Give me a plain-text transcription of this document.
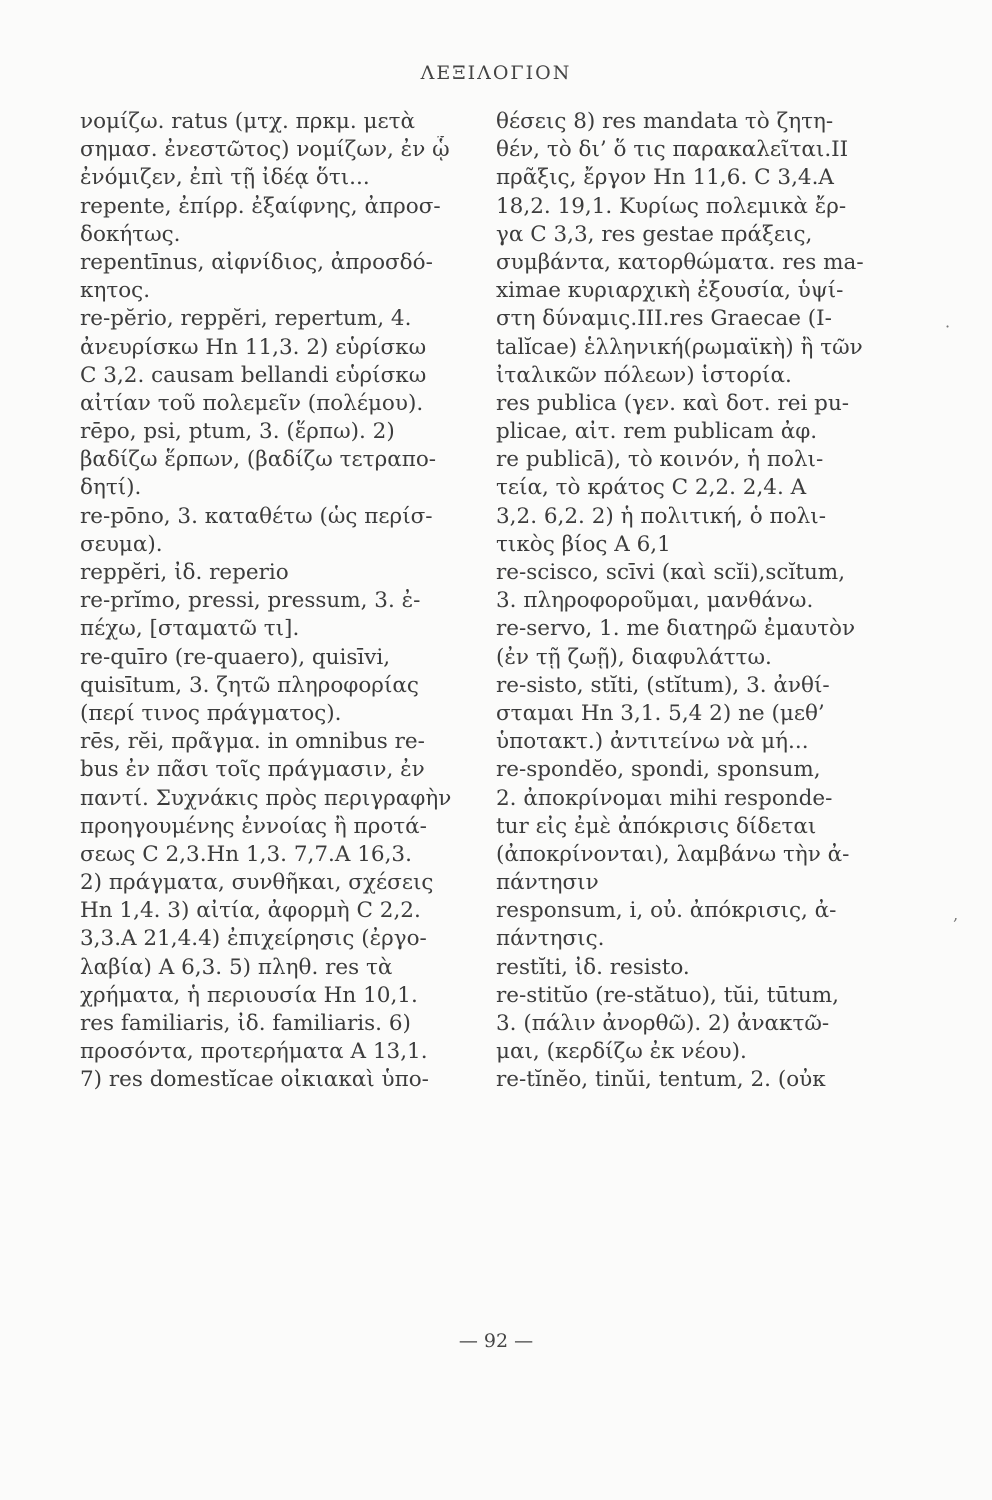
ΛΕΞΙΛΟΓΙΟΝ
νομίζω. ratus (μτχ. πρκμ. μετὰ
σημασ. ἐνεστῶτος) νομίζων, ἐν ᾧ
ἐνόμιζεν, ἐπὶ τῇ ἰδέᾳ ὅτι...
repente, ἐπίρρ. ἐξαίφνης, ἀπροσ-
δοκήτως.
repentīnus, αἰφνίδιος, ἀπροσδό-
κητος.
re-pĕrio, reppĕri, repertum, 4.
ἀνευρίσκω Hn 11,3. 2) εὑρίσκω
C 3,2. causam bellandi εὑρίσκω
αἰτίαν τοῦ πολεμεῖν (πολέμου).
rēpo, psi, ptum, 3. (ἕρπω). 2)
βαδίζω ἕρπων, (βαδίζω τετραπο-
δητί).
re-pōno, 3. καταθέτω (ὡς περίσ-
σευμα).
reppĕri, ἰδ. reperio
re-prĭmo, pressi, pressum, 3. ἐ-
πέχω, [σταματῶ τι].
re-quīro (re-quaero), quisīvi,
quisītum, 3. ζητῶ πληροφορίας
(περί τινος πράγματος).
rēs, rĕi, πρᾶγμα. in omnibus re-
bus ἐν πᾶσι τοῖς πράγμασιν, ἐν
παντί. Συχνάκις πρὸς περιγραφὴν
προηγουμένης ἐννοίας ἢ προτά-
σεως C 2,3.Hn 1,3. 7,7.A 16,3.
2) πράγματα, συνθῆκαι, σχέσεις
Hn 1,4. 3) αἰτία, ἀφορμὴ C 2,2.
3,3.A 21,4.4) ἐπιχείρησις (ἐργο-
λαβία) A 6,3. 5) πληθ. res τὰ
χρήματα, ἡ περιουσία Hn 10,1.
res familiaris, ἰδ. familiaris. 6)
προσόντα, προτερήματα A 13,1.
7) res domestĭcae οἰκιακαὶ ὑπο-
θέσεις 8) res mandata τὸ ζητη-
θέν, τὸ δι’ ὅ τις παρακαλεῖται.II
πρᾶξις, ἔργον Hn 11,6. C 3,4.A
18,2. 19,1. Κυρίως πολεμικὰ ἔρ-
γα C 3,3, res gestae πράξεις,
συμβάντα, κατορθώματα. res ma-
ximae κυριαρχικὴ ἐξουσία, ὑψί-
στη δύναμις.III.res Graecae (I-
talĭcae) ἑλληνική(ρωμαϊκὴ) ἢ τῶν
ἰταλικῶν πόλεων) ἱστορία.
res publica (γεν. καὶ δοτ. rei pu-
plicae, αἰτ. rem publicam ἀφ.
re publicā), τὸ κοινόν, ἡ πολι-
τεία, τὸ κράτος C 2,2. 2,4. A
3,2. 6,2. 2) ἡ πολιτική, ὁ πολι-
τικὸς βίος A 6,1
re-scisco, scīvi (καὶ scĭi),scĭtum,
3. πληροφοροῦμαι, μανθάνω.
re-servo, 1. me διατηρῶ ἐμαυτὸν
(ἐν τῇ ζωῇ), διαφυλάττω.
re-sisto, stĭti, (stĭtum), 3. ἀνθί-
σταμαι Hn 3,1. 5,4 2) ne (μεθ’
ὑποτακτ.) ἀντιτείνω νὰ μή...
re-spondĕo, spondi, sponsum,
2. ἀποκρίνομαι mihi responde-
tur εἰς ἐμὲ ἀπόκρισις δίδεται
(ἀποκρίνονται), λαμβάνω τὴν ἀ-
πάντησιν
responsum, i, οὐ. ἀπόκρισις, ἀ-
πάντησις.
restĭti, ἰδ. resisto.
re-stitŭo (re-stătuo), tŭi, tūtum,
3. (πάλιν ἀνορθῶ). 2) ἀνακτῶ-
μαι, (κερδίζω ἐκ νέου).
re-tĭnĕo, tinŭi, tentum, 2. (οὐκ
·
‚
— 92 —
